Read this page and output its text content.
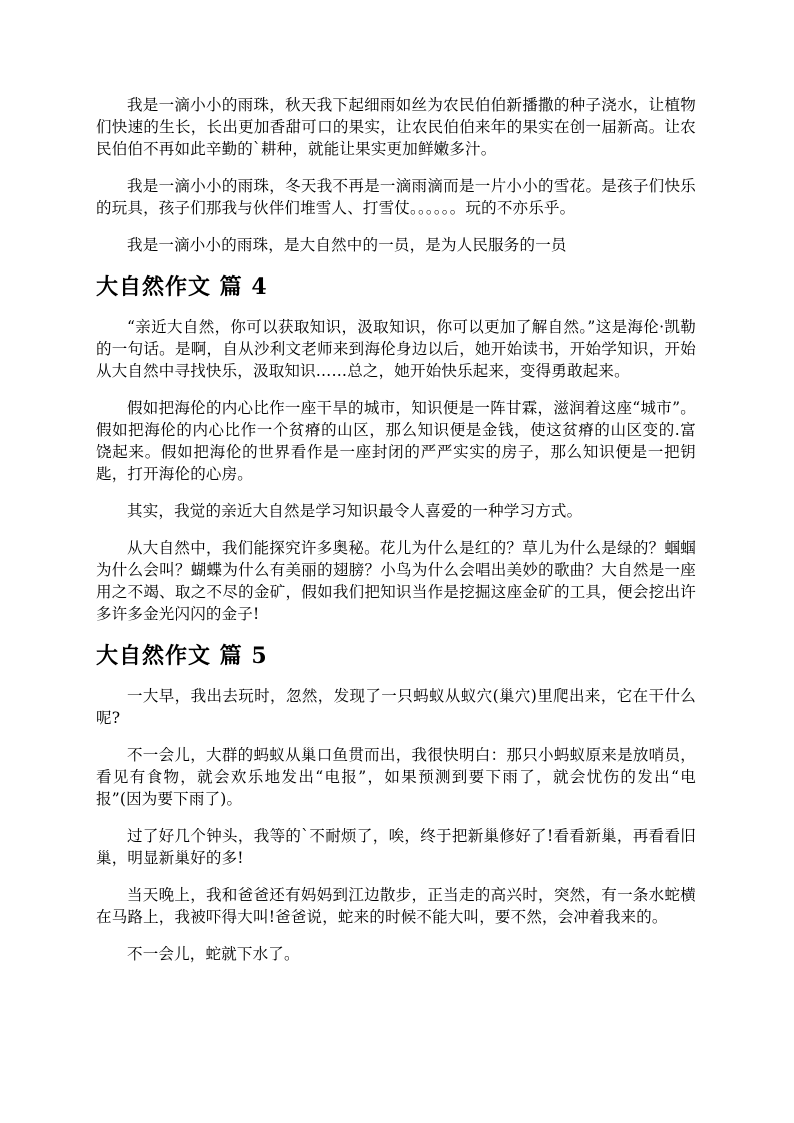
我是一滴小小的雨珠，秋天我下起细雨如丝为农民伯伯新播撒的种子浇水，让植物们快速的生长，长出更加香甜可口的果实，让农民伯伯来年的果实在创一届新高。让农民伯伯不再如此辛勤的`耕种，就能让果实更加鲜嫩多汁。

我是一滴小小的雨珠，冬天我不再是一滴雨滴而是一片小小的雪花。是孩子们快乐的玩具，孩子们那我与伙伴们堆雪人、打雪仗。。。。。。玩的不亦乐乎。

我是一滴小小的雨珠，是大自然中的一员，是为人民服务的一员

大自然作文 篇 4

“亲近大自然，你可以获取知识，汲取知识，你可以更加了解自然。”这是海伦·凯勒的一句话。是啊，自从沙利文老师来到海伦身边以后，她开始读书，开始学知识，开始从大自然中寻找快乐，汲取知识……总之，她开始快乐起来，变得勇敢起来。

假如把海伦的内心比作一座干旱的城市，知识便是一阵甘霖，滋润着这座“城市”。假如把海伦的内心比作一个贫瘠的山区，那么知识便是金钱，使这贫瘠的山区变的.富饶起来。假如把海伦的世界看作是一座封闭的严严实实的房子，那么知识便是一把钥匙，打开海伦的心房。

其实，我觉的亲近大自然是学习知识最令人喜爱的一种学习方式。

从大自然中，我们能探究许多奥秘。花儿为什么是红的？草儿为什么是绿的？蝈蝈为什么会叫？蝴蝶为什么有美丽的翅膀？小鸟为什么会唱出美妙的歌曲？大自然是一座用之不竭、取之不尽的金矿，假如我们把知识当作是挖掘这座金矿的工具，便会挖出许多许多金光闪闪的金子!

大自然作文 篇 5

一大早，我出去玩时，忽然，发现了一只蚂蚁从蚁穴(巢穴)里爬出来，它在干什么呢?

不一会儿，大群的蚂蚁从巢口鱼贯而出，我很快明白：那只小蚂蚁原来是放哨员，看见有食物，就会欢乐地发出“电报”，如果预测到要下雨了，就会忧伤的发出“电报”(因为要下雨了)。

过了好几个钟头，我等的`不耐烦了，唉，终于把新巢修好了!看看新巢，再看看旧巢，明显新巢好的多!

当天晚上，我和爸爸还有妈妈到江边散步，正当走的高兴时，突然，有一条水蛇横在马路上，我被吓得大叫!爸爸说，蛇来的时候不能大叫，要不然，会冲着我来的。

不一会儿，蛇就下水了。
